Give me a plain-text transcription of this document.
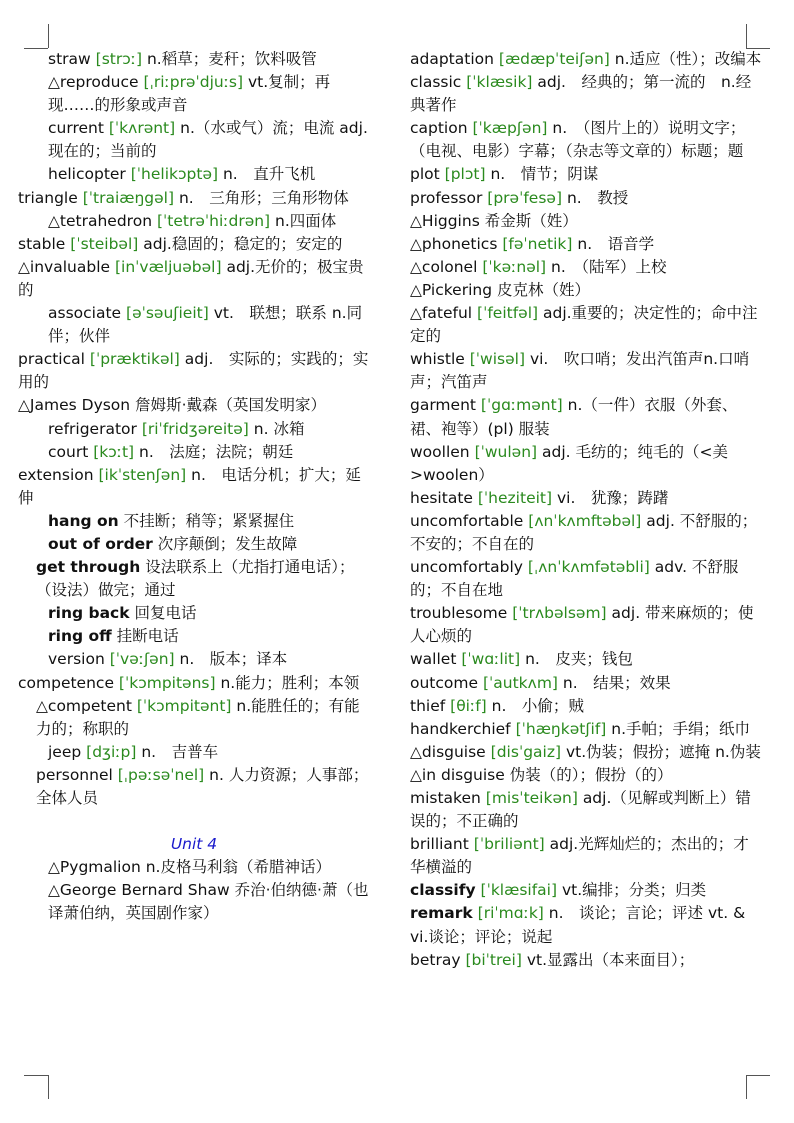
straw [strɔː] n.稻草；麦秆；饮料吸管
△reproduce [ˌriːprəˈdjuːs] vt.复制；再现……的形象或声音
current [ˈkʌrənt] n.（水或气）流；电流 adj. 现在的；当前的
helicopter [ˈhelikɔptə] n.　直升飞机
triangle [ˈtraiæŋgəl] n.　三角形；三角形物体
△tetrahedron [ˈtetrəˈhiːdrən] n.四面体
stable [ˈsteibəl] adj.稳固的；稳定的；安定的
△invaluable [inˈvæljuəbəl] adj.无价的；极宝贵的
associate [əˈsəuʃieit] vt.　联想；联系 n.同伴；伙伴
practical [ˈpræktikəl] adj.　实际的；实践的；实用的
△James Dyson 詹姆斯·戴森（英国发明家）
refrigerator [riˈfridʒəreitə] n. 冰箱
court [kɔːt] n.　法庭；法院；朝廷
extension [ikˈstenʃən] n.　电话分机；扩大；延伸
hang on 不挂断；稍等；紧紧握住
out of order 次序颠倒；发生故障
get through 设法联系上（尤指打通电话）；（设法）做完；通过
ring back 回复电话
ring off 挂断电话
version [ˈvəːʃən] n.　版本；译本
competence [ˈkɔmpitəns] n.能力；胜利；本领
△competent [ˈkɔmpitənt] n.能胜任的；有能力的；称职的
jeep [dʒiːp] n.　吉普车
personnel [ˌpəːsəˈnel] n. 人力资源；人事部；全体人员
Unit 4
△Pygmalion n.皮格马利翁（希腊神话）
△George Bernard Shaw 乔治·伯纳德·萧（也译萧伯纳，英国剧作家）
adaptation [ædæpˈteiʃən] n.适应（性）；改编本
classic [ˈklæsik] adj.　经典的；第一流的　n.经典著作
caption [ˈkæpʃən] n.　（图片上的）说明文字；（电视、电影）字幕；（杂志等文章的）标题；题
plot [plɔt] n.　情节；阴谋
professor [prəˈfesə] n.　教授
△Higgins 希金斯（姓）
△phonetics [fəˈnetik] n.　语音学
△colonel [ˈkəːnəl] n.　（陆军）上校
△Pickering 皮克林（姓）
△fateful [ˈfeitfəl] adj.重要的；决定性的；命中注定的
whistle [ˈwisəl] vi.　吹口哨；发出汽笛声n.口哨声；汽笛声
garment [ˈgɑːmənt] n.（一件）衣服（外套、裙、袍等）(pl) 服装
woollen [ˈwulən] adj. 毛纺的；纯毛的（<美>woolen）
hesitate [ˈheziteit] vi.　犹豫；踌躇
uncomfortable [ʌnˈkʌmftəbəl] adj. 不舒服的；不安的；不自在的
uncomfortably [ˌʌnˈkʌmfətəbli] adv. 不舒服的；不自在地
troublesome [ˈtrʌbəlsəm] adj. 带来麻烦的；使人心烦的
wallet [ˈwɑːlit] n.　皮夹；钱包
outcome [ˈautkʌm] n.　结果；效果
thief [θiːf] n.　小偷；贼
handkerchief [ˈhæŋkətʃif] n.手帕；手绢；纸巾
△disguise [disˈgaiz] vt.伪装；假扮；遮掩 n.伪装
△in disguise 伪装（的）；假扮（的）
mistaken [misˈteikən] adj.（见解或判断上）错误的；不正确的
brilliant [ˈbriliənt] adj.光辉灿烂的；杰出的；才华横溢的
classify [ˈklæsifai] vt.编排；分类；归类
remark [riˈmɑːk] n.　谈论；言论；评述 vt. & vi.谈论；评论；说起
betray [biˈtrei] vt.显露出（本来面目）；
